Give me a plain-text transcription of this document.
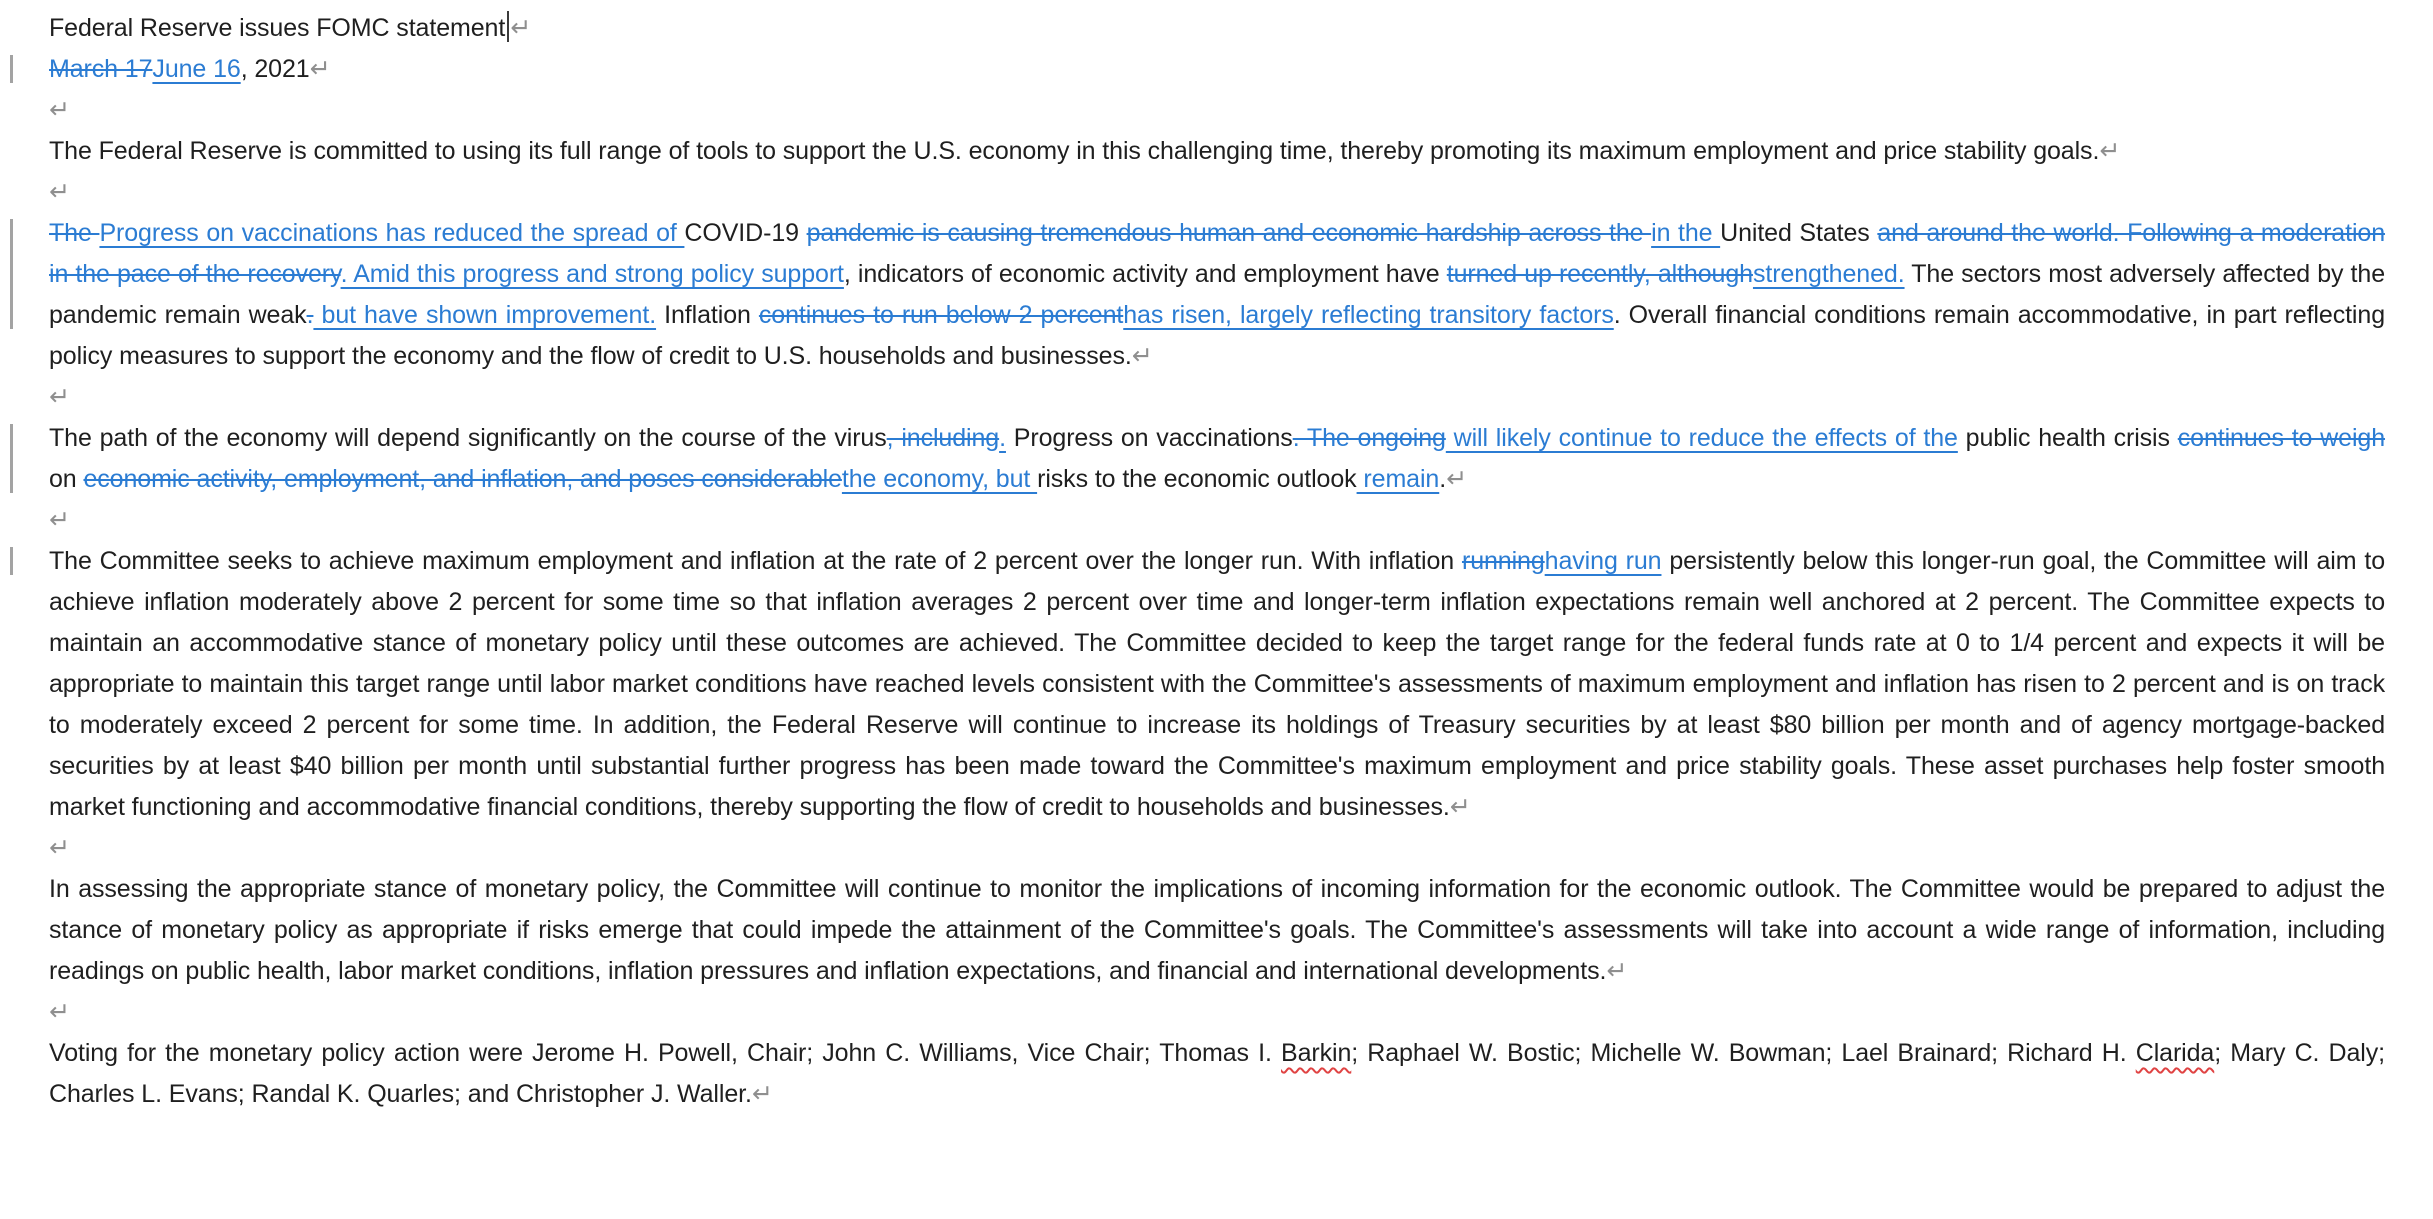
Federal Reserve issues FOMC statement ↵
March 17June 16, 2021↵
↵
The Federal Reserve is committed to using its full range of tools to support the U.S. economy in this challenging time, thereby promoting its maximum employment and price stability goals.↵
↵
The Progress on vaccinations has reduced the spread of COVID-19 pandemic is causing tremendous human and economic hardship across the in the United States and around the world. Following a moderation in the pace of the recovery. Amid this progress and strong policy support, indicators of economic activity and employment have turned up recently, althoughstrengthened. The sectors most adversely affected by the pandemic remain weak. but have shown improvement. Inflation continues to run below 2 percenthas risen, largely reflecting transitory factors. Overall financial conditions remain accommodative, in part reflecting policy measures to support the economy and the flow of credit to U.S. households and businesses.↵
↵
The path of the economy will depend significantly on the course of the virus, including. Progress on vaccinations. The ongoing will likely continue to reduce the effects of the public health crisis continues to weigh on economic activity, employment, and inflation, and poses considerablethe economy, but risks to the economic outlook remain.↵
↵
The Committee seeks to achieve maximum employment and inflation at the rate of 2 percent over the longer run. With inflation runninghaving run persistently below this longer-run goal, the Committee will aim to achieve inflation moderately above 2 percent for some time so that inflation averages 2 percent over time and longer-term inflation expectations remain well anchored at 2 percent. The Committee expects to maintain an accommodative stance of monetary policy until these outcomes are achieved. The Committee decided to keep the target range for the federal funds rate at 0 to 1/4 percent and expects it will be appropriate to maintain this target range until labor market conditions have reached levels consistent with the Committee's assessments of maximum employment and inflation has risen to 2 percent and is on track to moderately exceed 2 percent for some time. In addition, the Federal Reserve will continue to increase its holdings of Treasury securities by at least $80 billion per month and of agency mortgage-backed securities by at least $40 billion per month until substantial further progress has been made toward the Committee's maximum employment and price stability goals. These asset purchases help foster smooth market functioning and accommodative financial conditions, thereby supporting the flow of credit to households and businesses.↵
↵
In assessing the appropriate stance of monetary policy, the Committee will continue to monitor the implications of incoming information for the economic outlook. The Committee would be prepared to adjust the stance of monetary policy as appropriate if risks emerge that could impede the attainment of the Committee's goals. The Committee's assessments will take into account a wide range of information, including readings on public health, labor market conditions, inflation pressures and inflation expectations, and financial and international developments.↵
↵
Voting for the monetary policy action were Jerome H. Powell, Chair; John C. Williams, Vice Chair; Thomas I. Barkin; Raphael W. Bostic; Michelle W. Bowman; Lael Brainard; Richard H. Clarida; Mary C. Daly; Charles L. Evans; Randal K. Quarles; and Christopher J. Waller.↵
